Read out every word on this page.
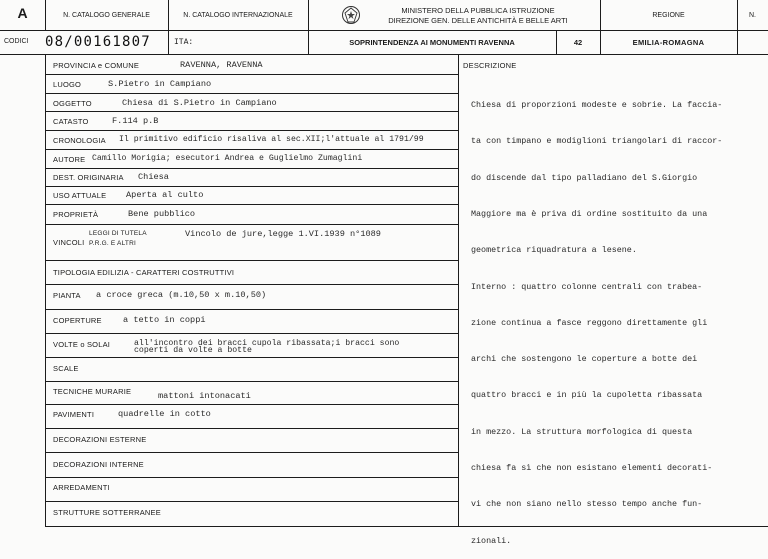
A	N. CATALOGO GENERALE	N. CATALOGO INTERNAZIONALE
MINISTERO DELLA PUBBLICA ISTRUZIONE
DIREZIONE GEN. DELLE ANTICHITÀ E BELLE ARTI
REGIONE	N.
CODICI 08/00161807	ITA:	SOPRINTENDENZA AI MONUMENTI RAVENNA	42	EMILIA-ROMAGNA
PROVINCIA e COMUNE	RAVENNA, RAVENNA
LUOGO	S.Pietro in Campiano
OGGETTO	Chiesa di S.Pietro in Campiano
CATASTO	F.114 p.B
CRONOLOGIA Il primitivo edificio risaliva al sec.XII;l'attuale al 1791/99
AUTORE Camillo Morigia; esecutori Andrea e Guglielmo Zumaglini
DEST. ORIGINARIA Chiesa
USO ATTUALE Aperta al culto
PROPRIETÀ	Bene pubblico
VINCOLI
LEGGI DI TUTELA
P.R.G. E ALTRI
Vincolo de jure,legge 1.VI.1939 n°1089
TIPOLOGIA EDILIZIA - CARATTERI COSTRUTTIVI
PIANTA a croce greca (m.10,50 x m.10,50)
COPERTURE a tetto in coppi
VOLTE o SOLAI	all'incontro dei bracci cupola ribassata;i bracci sono
coperti da volte a botte
SCALE
TECNICHE MURARIE	mattoni intonacati
PAVIMENTI	quadrelle in cotto
DECORAZIONI ESTERNE
DECORAZIONI INTERNE
ARREDAMENTI
STRUTTURE SOTTERRANEE
DESCRIZIONE

Chiesa di proporzioni modeste e sobrie. La faccia-

ta con timpano e modiglioni triangolari di raccor-

do discende dal tipo palladiano del S.Giorgio

Maggiore ma è priva di ordine sostituito da una

geometrica riquadratura a lesene.

Interno : quattro colonne centrali con trabea-

zione continua a fasce reggono direttamente gli

archi che sostengono le coperture a botte dei

quattro bracci e in più la cupoletta ribassata

in mezzo. La struttura morfologica di questa

chiesa fa sì che non esistano elementi decorati-

vi che non siano nello stesso tempo anche fun-

zionali.
